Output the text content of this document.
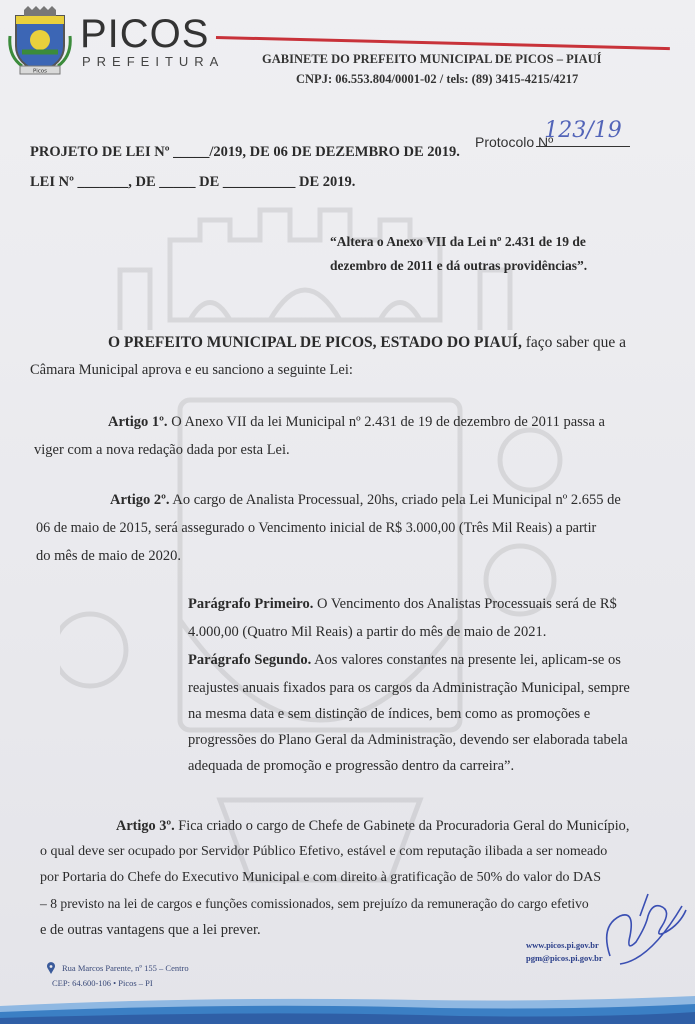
Picos
PICOS
PREFEITURA	GABINETE DO PREFEITO MUNICIPAL DE PICOS – PIAUÍ
CNPJ: 06.553.804/0001-02 / tels: (89) 3415-4215/4217
Protocolo Nº
123/19
PROJETO DE LEI Nº _____/2019, DE 06 DE DEZEMBRO DE 2019.
LEI Nº _______, DE _____ DE __________ DE 2019.
“Altera o Anexo VII da Lei nº 2.431 de 19 de
dezembro de 2011 e dá outras providências”.
O PREFEITO MUNICIPAL DE PICOS, ESTADO DO PIAUÍ, faço saber que a
Câmara Municipal aprova e eu sanciono a seguinte Lei:
Artigo 1º. O Anexo VII da lei Municipal nº 2.431 de 19 de dezembro de 2011 passa a
viger com a nova redação dada por esta Lei.
Artigo 2º. Ao cargo de Analista Processual, 20hs, criado pela Lei Municipal nº 2.655 de
06 de maio de 2015, será assegurado o Vencimento inicial de R$ 3.000,00 (Três Mil Reais) a partir
do mês de maio de 2020.
Parágrafo Primeiro. O Vencimento dos Analistas Processuais será de R$
4.000,00 (Quatro Mil Reais) a partir do mês de maio de 2021.
Parágrafo Segundo. Aos valores constantes na presente lei, aplicam-se os
reajustes anuais fixados para os cargos da Administração Municipal, sempre
na mesma data e sem distinção de índices, bem como as promoções e
progressões do Plano Geral da Administração, devendo ser elaborada tabela
adequada de promoção e progressão dentro da carreira”.
Artigo 3º. Fica criado o cargo de Chefe de Gabinete da Procuradoria Geral do Município,
o qual deve ser ocupado por Servidor Público Efetivo, estável e com reputação ilibada a ser nomeado
por Portaria do Chefe do Executivo Municipal e com direito à gratificação de 50% do valor do DAS
– 8 previsto na lei de cargos e funções comissionados, sem prejuízo da remuneração do cargo efetivo
e de outras vantagens que a lei prever.
Rua Marcos Parente, nº 155 – Centro
CEP: 64.600-106 • Picos – PI
www.picos.pi.gov.br
pgm@picos.pi.gov.br
